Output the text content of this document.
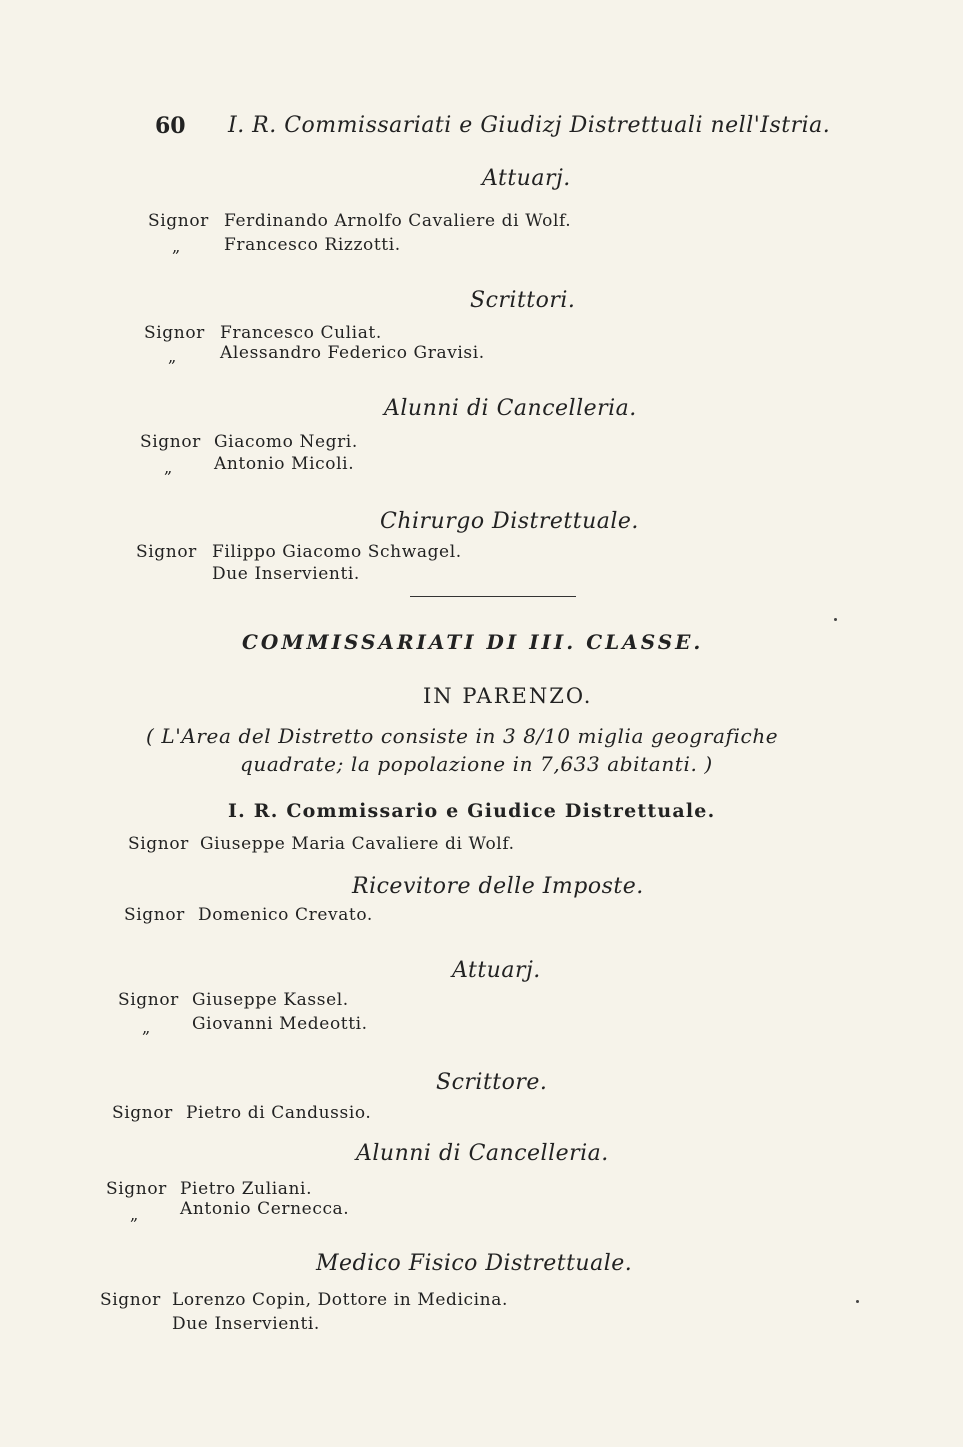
60 I. R. Commissariati e Giudizj Distrettuali nell'Istria.
Attuarj.
Signor Ferdinando Arnolfo Cavaliere di Wolf.
„	Francesco Rizzotti.
Scrittori.
Signor Francesco Culiat.
„	Alessandro Federico Gravisi.
Alunni di Cancelleria.
Signor Giacomo Negri.
„ Antonio Micoli.
Chirurgo Distrettuale.
Signor Filippo Giacomo Schwagel.
Due Inservienti.
COMMISSARIATI DI III. CLASSE.
IN PARENZO.
( L'Area del Distretto consiste in 3 8/10 miglia geografiche
quadrate; la popolazione in 7,633 abitanti. )
I. R. Commissario e Giudice Distrettuale.
Signor Giuseppe Maria Cavaliere di Wolf.
Ricevitore delle Imposte.
Signor Domenico Crevato.
Attuarj.
Signor Giuseppe Kassel.
„ Giovanni Medeotti.
Scrittore.
Signor Pietro di Candussio.
Alunni di Cancelleria.
Signor Pietro Zuliani.
„ Antonio Cernecca.
Medico Fisico Distrettuale.
Signor Lorenzo Copin, Dottore in Medicina.
Due Inservienti.
